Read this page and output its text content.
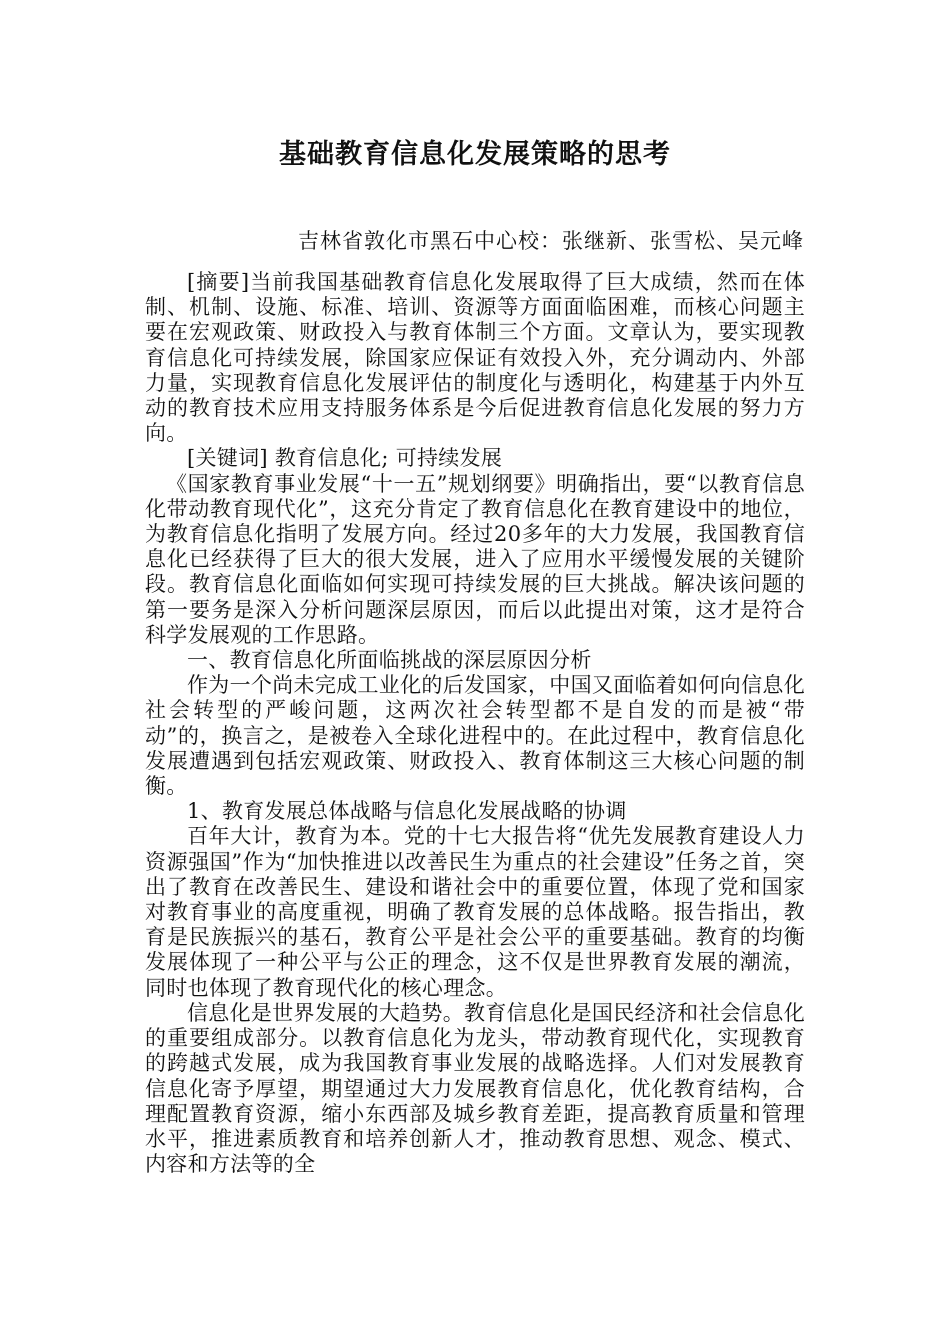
基础教育信息化发展策略的思考
吉林省敦化市黑石中心校：张继新、张雪松、吴元峰

[摘要]当前我国基础教育信息化发展取得了巨大成绩，然而在体制、机制、设施、标准、培训、资源等方面面临困难，而核心问题主要在宏观政策、财政投入与教育体制三个方面。文章认为，要实现教育信息化可持续发展，除国家应保证有效投入外，充分调动内、外部力量，实现教育信息化发展评估的制度化与透明化，构建基于内外互动的教育技术应用支持服务体系是今后促进教育信息化发展的努力方向。

[关键词] 教育信息化; 可持续发展

《国家教育事业发展“十一五”规划纲要》明确指出，要“以教育信息化带动教育现代化”，这充分肯定了教育信息化在教育建设中的地位，为教育信息化指明了发展方向。经过20多年的大力发展，我国教育信息化已经获得了巨大的很大发展，进入了应用水平缓慢发展的关键阶段。教育信息化面临如何实现可持续发展的巨大挑战。解决该问题的第一要务是深入分析问题深层原因，而后以此提出对策，这才是符合科学发展观的工作思路。

一、教育信息化所面临挑战的深层原因分析

作为一个尚未完成工业化的后发国家，中国又面临着如何向信息化社会转型的严峻问题，这两次社会转型都不是自发的而是被“带动”的，换言之，是被卷入全球化进程中的。在此过程中，教育信息化发展遭遇到包括宏观政策、财政投入、教育体制这三大核心问题的制衡。

1、教育发展总体战略与信息化发展战略的协调

百年大计，教育为本。党的十七大报告将“优先发展教育建设人力资源强国”作为“加快推进以改善民生为重点的社会建设”任务之首，突出了教育在改善民生、建设和谐社会中的重要位置，体现了党和国家对教育事业的高度重视，明确了教育发展的总体战略。报告指出，教育是民族振兴的基石，教育公平是社会公平的重要基础。教育的均衡发展体现了一种公平与公正的理念，这不仅是世界教育发展的潮流，同时也体现了教育现代化的核心理念。

信息化是世界发展的大趋势。教育信息化是国民经济和社会信息化的重要组成部分。以教育信息化为龙头，带动教育现代化，实现教育的跨越式发展，成为我国教育事业发展的战略选择。人们对发展教育信息化寄予厚望，期望通过大力发展教育信息化，优化教育结构，合理配置教育资源，缩小东西部及城乡教育差距，提高教育质量和管理水平，推进素质教育和培养创新人才，推动教育思想、观念、模式、内容和方法等的全
